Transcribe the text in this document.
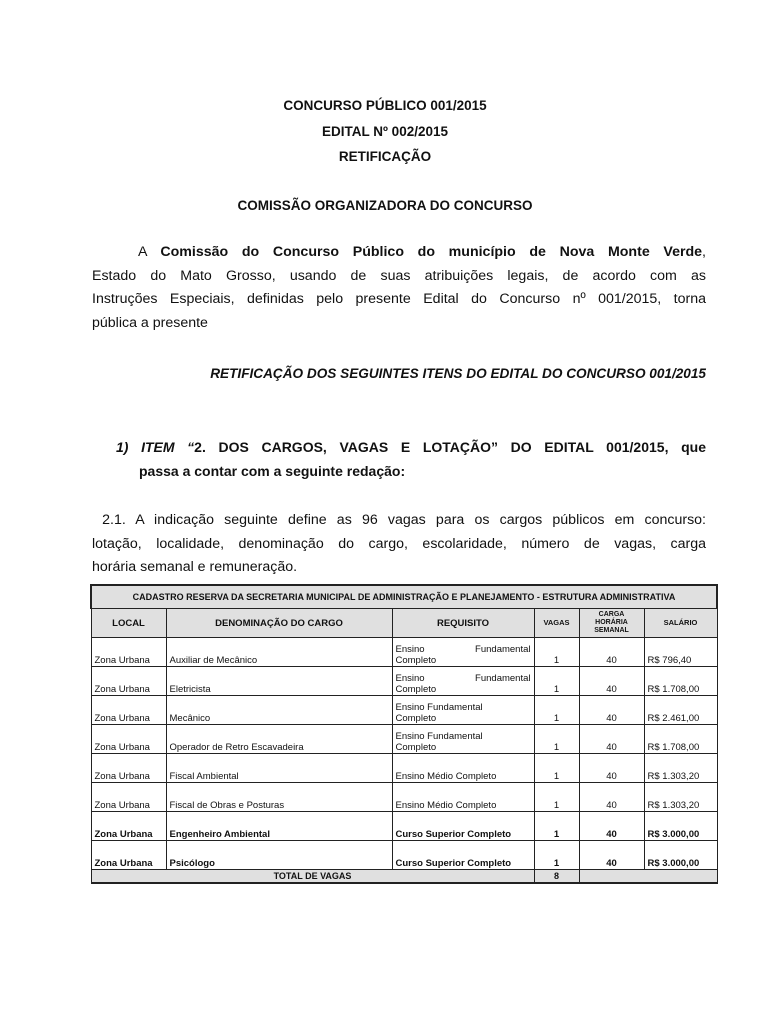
CONCURSO PÚBLICO 001/2015
EDITAL Nº 002/2015
RETIFICAÇÃO
COMISSÃO ORGANIZADORA DO CONCURSO
A Comissão do Concurso Público do município de Nova Monte Verde,
Estado do Mato Grosso, usando de suas atribuições legais, de acordo com as
Instruções Especiais, definidas pelo presente Edital do Concurso nº 001/2015, torna
pública a presente
RETIFICAÇÃO DOS SEGUINTES ITENS DO EDITAL DO CONCURSO 001/2015
1) ITEM “2. DOS CARGOS, VAGAS E LOTAÇÃO” DO EDITAL 001/2015, que
passa a contar com a seguinte redação:
2.1. A indicação seguinte define as 96 vagas para os cargos públicos em concurso:
lotação, localidade, denominação do cargo, escolaridade, número de vagas, carga
horária semanal e remuneração.
CADASTRO RESERVA DA SECRETARIA MUNICIPAL DE ADMINISTRAÇÃO E PLANEJAMENTO - ESTRUTURA ADMINISTRATIVA					
LOCAL	DENOMINAÇÃO DO CARGO	REQUISITO	VAGAS	CARGA HORÁRIA SEMANAL	SALÁRIO
Zona Urbana	Auxiliar de Mecânico	Ensino Fundamental
Completo	1	40	R$ 796,40
Zona Urbana	Eletricista	Ensino Fundamental
Completo	1	40	R$ 1.708,00
Zona Urbana	Mecânico	Ensino Fundamental
Completo	1	40	R$ 2.461,00
Zona Urbana	Operador de Retro Escavadeira	Ensino Fundamental
Completo	1	40	R$ 1.708,00
Zona Urbana	Fiscal Ambiental	Ensino Médio Completo	1	40	R$ 1.303,20
Zona Urbana	Fiscal de Obras e Posturas	Ensino Médio Completo	1	40	R$ 1.303,20
Zona Urbana	Engenheiro Ambiental	Curso Superior Completo	1	40	R$ 3.000,00
Zona Urbana	Psicólogo	Curso Superior Completo	1	40	R$ 3.000,00
TOTAL DE VAGAS			8		
